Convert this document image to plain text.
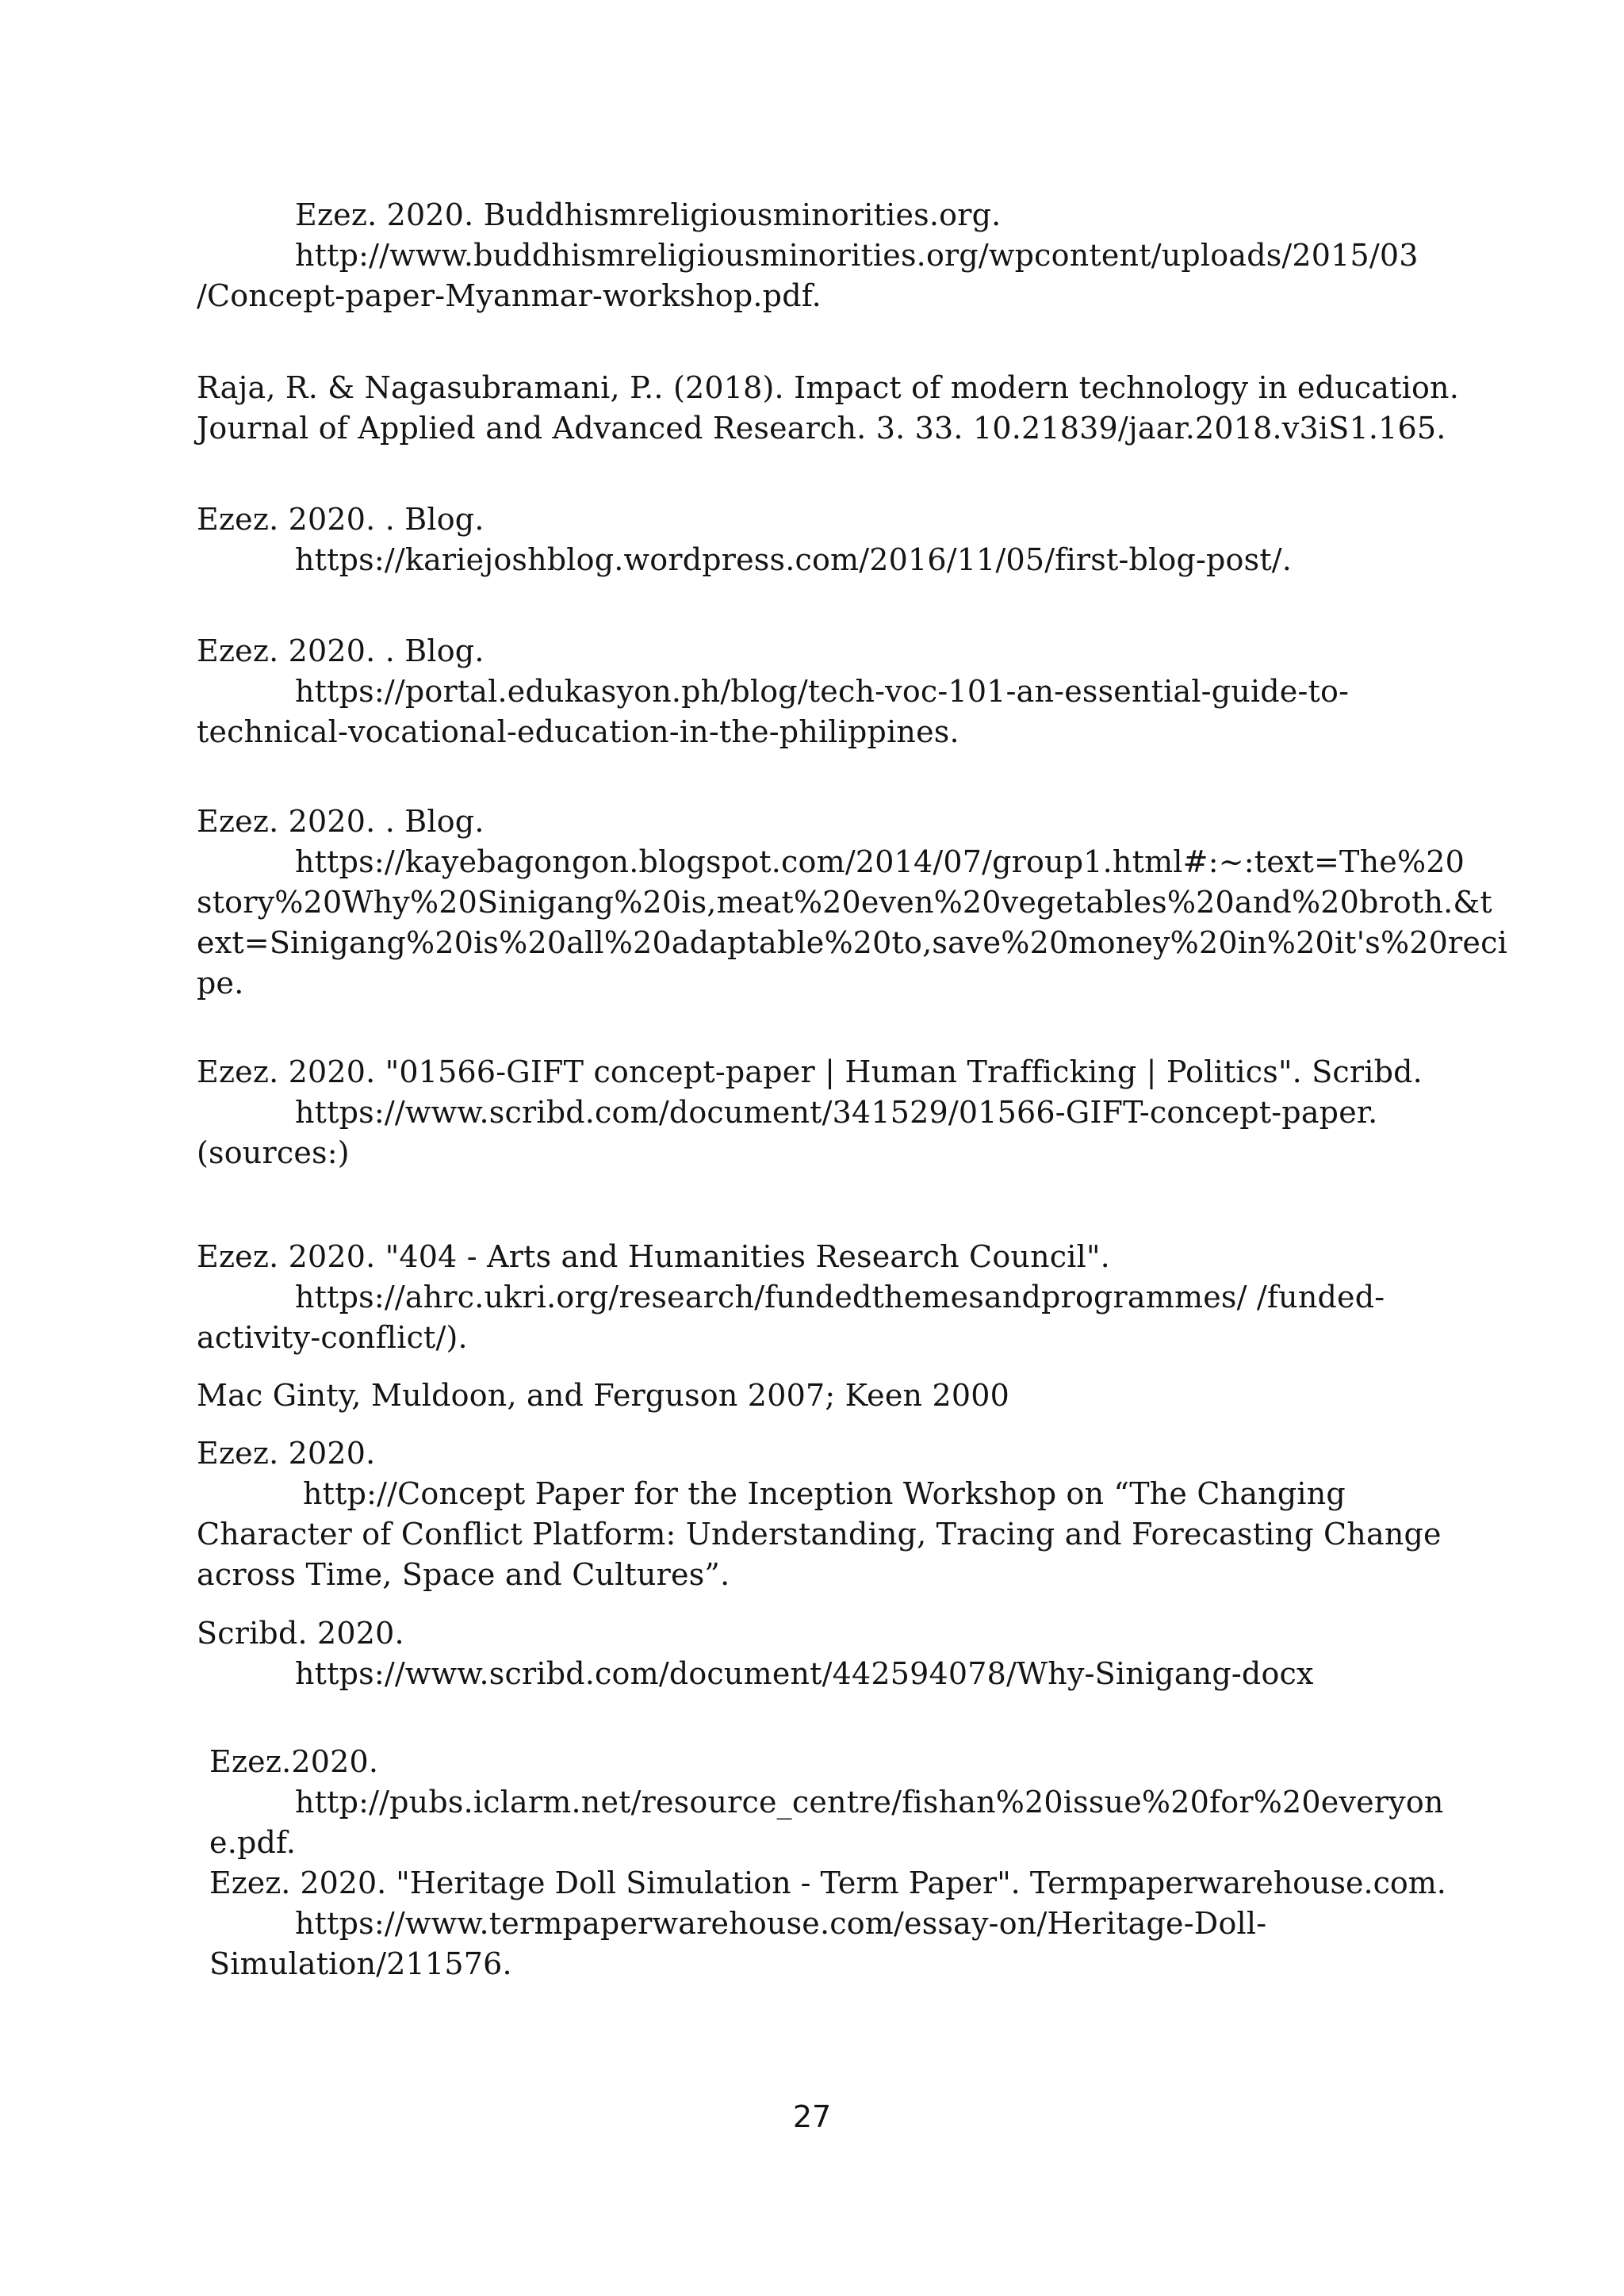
Ezez. 2020. Buddhismreligiousminorities.org.
http://www.buddhismreligiousminorities.org/wpcontent/uploads/2015/03
/Concept-paper-Myanmar-workshop.pdf.
Raja, R. & Nagasubramani, P.. (2018). Impact of modern technology in education.
Journal of Applied and Advanced Research. 3. 33. 10.21839/jaar.2018.v3iS1.165.
Ezez. 2020. . Blog.
https://kariejoshblog.wordpress.com/2016/11/05/first-blog-post/.
Ezez. 2020. . Blog.
https://portal.edukasyon.ph/blog/tech-voc-101-an-essential-guide-to-
technical-vocational-education-in-the-philippines.
Ezez. 2020. . Blog.
https://kayebagongon.blogspot.com/2014/07/group1.html#:~:text=The%20
story%20Why%20Sinigang%20is,meat%20even%20vegetables%20and%20broth.&t
ext=Sinigang%20is%20all%20adaptable%20to,save%20money%20in%20it's%20reci
pe.
Ezez. 2020. "01566-GIFT concept-paper | Human Trafficking | Politics". Scribd.
https://www.scribd.com/document/341529/01566-GIFT-concept-paper.
(sources:)
Ezez. 2020. "404 - Arts and Humanities Research Council".
https://ahrc.ukri.org/research/fundedthemesandprogrammes/ /funded-
activity-conflict/).
Mac Ginty, Muldoon, and Ferguson 2007; Keen 2000
Ezez. 2020.
http://Concept Paper for the Inception Workshop on “The Changing
Character of Conflict Platform: Understanding, Tracing and Forecasting Change
across Time, Space and Cultures”.
Scribd. 2020.
https://www.scribd.com/document/442594078/Why-Sinigang-docx
Ezez.2020.
http://pubs.iclarm.net/resource_centre/fishan%20issue%20for%20everyon
e.pdf.
Ezez. 2020. "Heritage Doll Simulation - Term Paper". Termpaperwarehouse.com.
https://www.termpaperwarehouse.com/essay-on/Heritage-Doll-
Simulation/211576.
27
